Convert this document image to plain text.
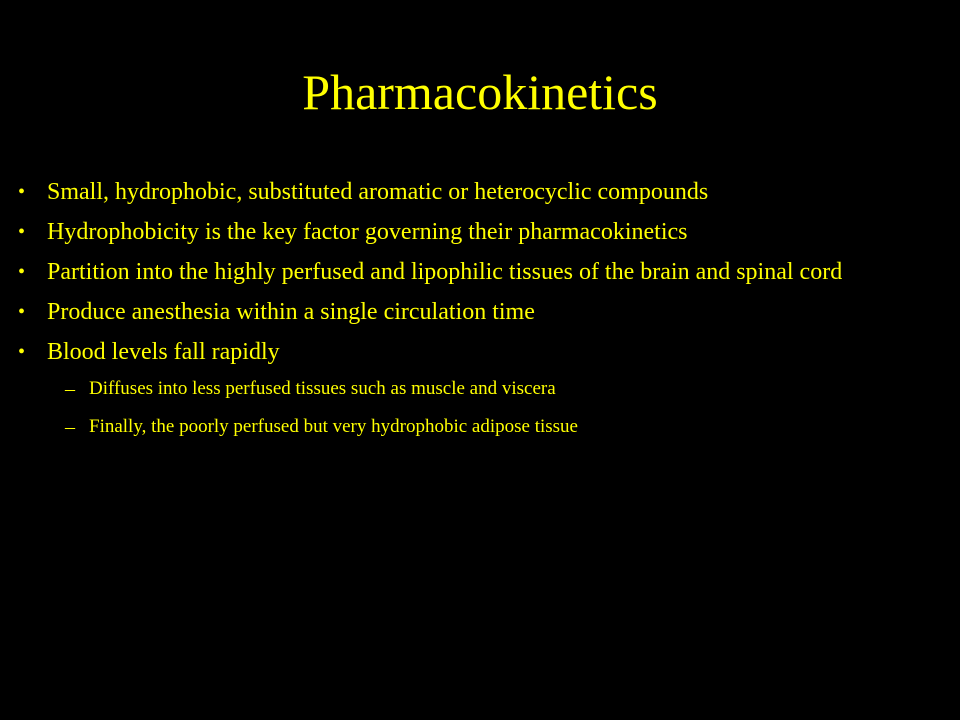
Pharmacokinetics
• Small, hydrophobic, substituted aromatic or heterocyclic compounds
• Hydrophobicity is the key factor governing their pharmacokinetics
• Partition into the highly perfused and lipophilic tissues of the brain and spinal cord
• Produce anesthesia within a single circulation time
• Blood levels fall rapidly
– Diffuses into less perfused tissues such as muscle and viscera
– Finally, the poorly perfused but very hydrophobic adipose tissue
